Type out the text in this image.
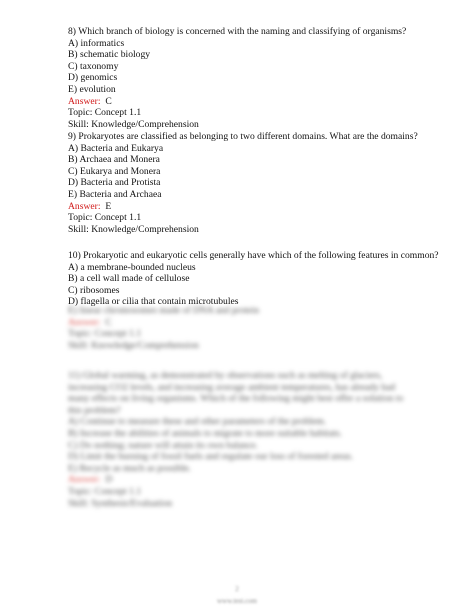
8) Which branch of biology is concerned with the naming and classifying of organisms?
A) informatics
B) schematic biology
C) taxonomy
D) genomics
E) evolution
Answer: C
Topic: Concept 1.1
Skill: Knowledge/Comprehension
9) Prokaryotes are classified as belonging to two different domains. What are the domains?
A) Bacteria and Eukarya
B) Archaea and Monera
C) Eukarya and Monera
D) Bacteria and Protista
E) Bacteria and Archaea
Answer: E
Topic: Concept 1.1
Skill: Knowledge/Comprehension
10) Prokaryotic and eukaryotic cells generally have which of the following features in common?
A) a membrane-bounded nucleus
B) a cell wall made of cellulose
C) ribosomes
D) flagella or cilia that contain microtubules
E) linear chromosomes made of DNA and protein
Answer: C
Topic: Concept 1.1
Skill: Knowledge/Comprehension
11) Global warming, as demonstrated by observations such as melting of glaciers, increasing CO2 levels, and increasing average ambient temperatures, has already had many effects on living organisms. Which of the following might best offer a solution to this problem?
A) Continue to measure these and other parameters of the problem.
B) Increase the abilities of animals to migrate to more suitable habitats.
C) Do nothing; nature will attain its own balance.
D) Limit the burning of fossil fuels and regulate our loss of forested areas.
E) Recycle as much as possible.
Answer: D
Topic: Concept 1.1
Skill: Synthesis/Evaluation
2
www.test.com
